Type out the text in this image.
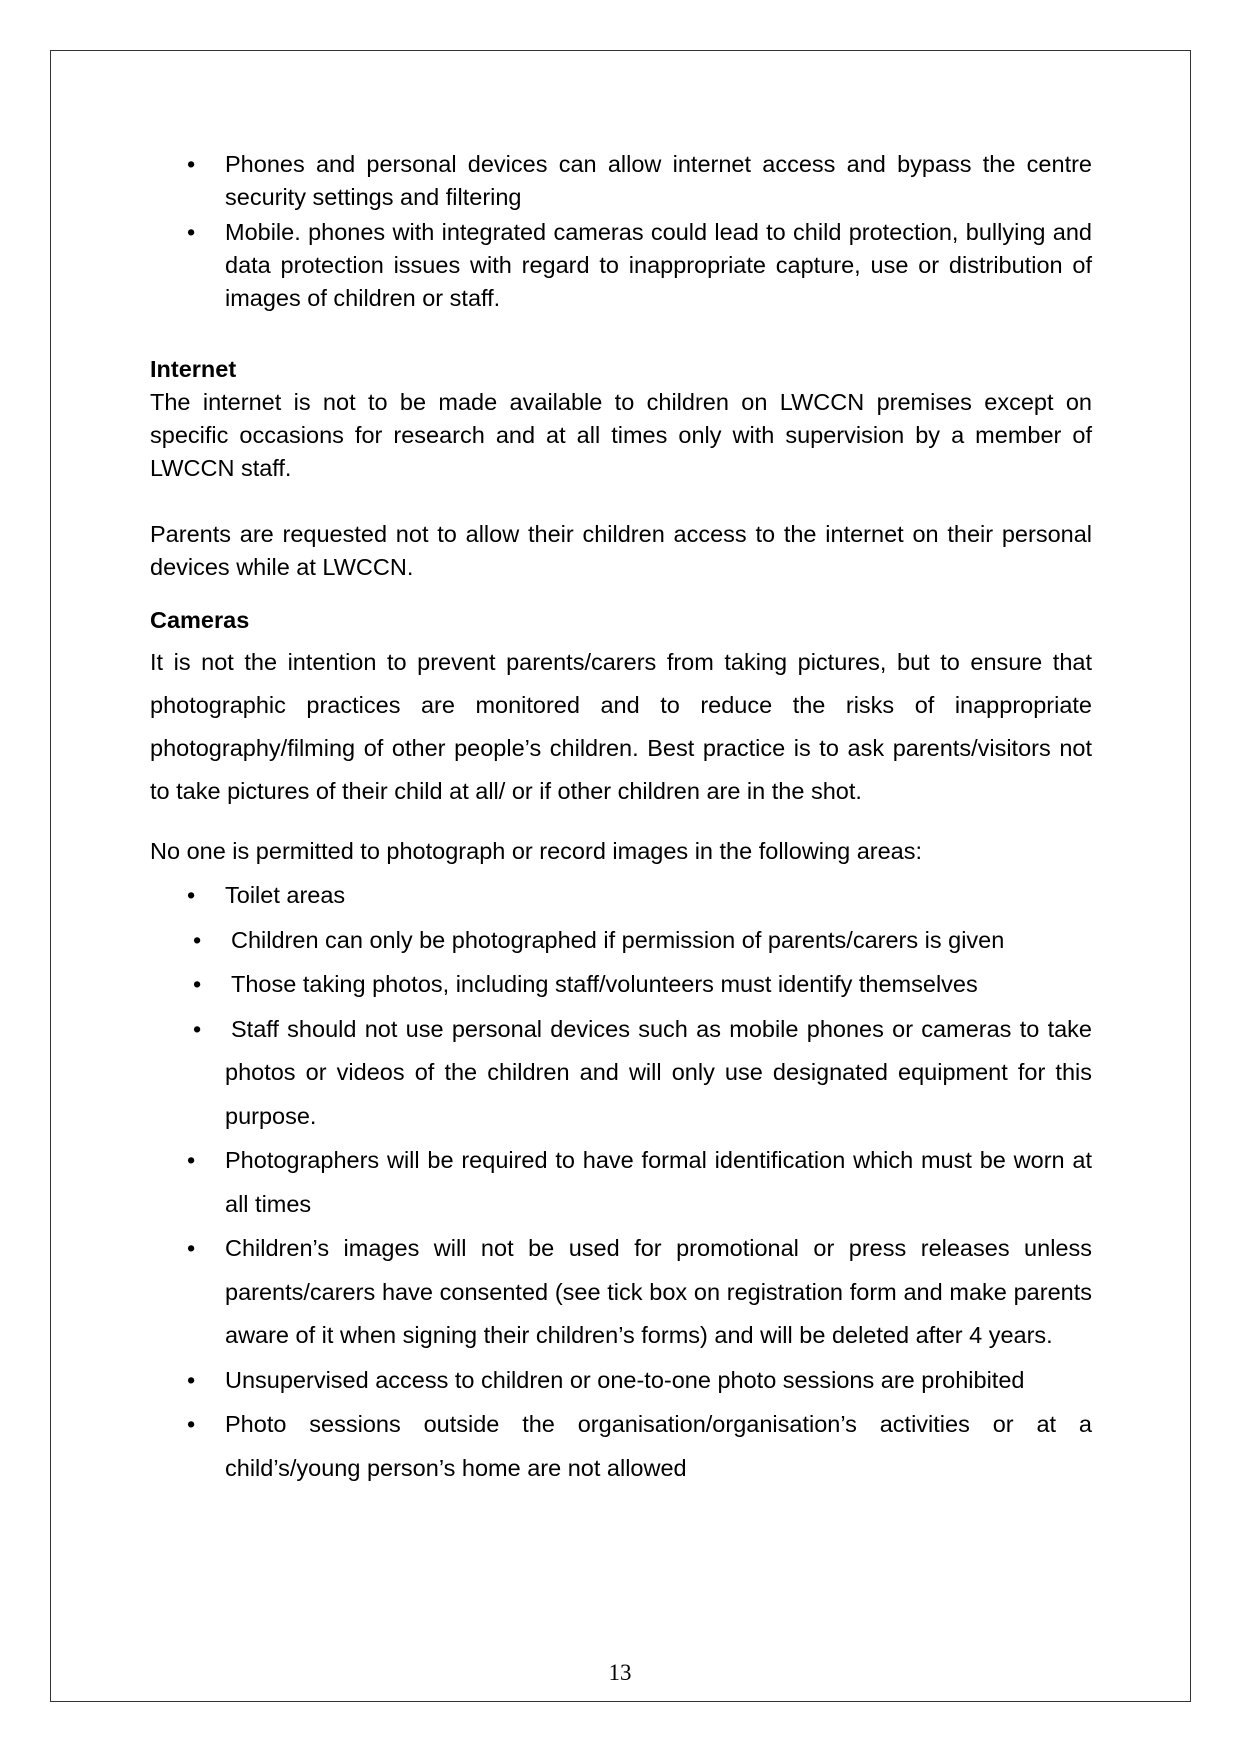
• Phones and personal devices can allow internet access and bypass the centre security settings and filtering
• Mobile. phones with integrated cameras could lead to child protection, bullying and data protection issues with regard to inappropriate capture, use or distribution of images of children or staff.
Internet

The internet is not to be made available to children on LWCCN premises except on specific occasions for research and at all times only with supervision by a member of LWCCN staff.

Parents are requested not to allow their children access to the internet on their personal devices while at LWCCN.

Cameras

It is not the intention to prevent parents/carers from taking pictures, but to ensure that photographic practices are monitored and to reduce the risks of inappropriate photography/filming of other people’s children. Best practice is to ask parents/visitors not to take pictures of their child at all/ or if other children are in the shot.

No one is permitted to photograph or record images in the following areas:

• Toilet areas
• Children can only be photographed if permission of parents/carers is given
• Those taking photos, including staff/volunteers must identify themselves
• Staff should not use personal devices such as mobile phones or cameras to take photos or videos of the children and will only use designated equipment for this purpose.
• Photographers will be required to have formal identification which must be worn at all times
• Children’s images will not be used for promotional or press releases unless parents/carers have consented (see tick box on registration form and make parents aware of it when signing their children’s forms) and will be deleted after 4 years.
• Unsupervised access to children or one-to-one photo sessions are prohibited
• Photo sessions outside the organisation/organisation’s activities or at a child’s/young person’s home are not allowed
13
